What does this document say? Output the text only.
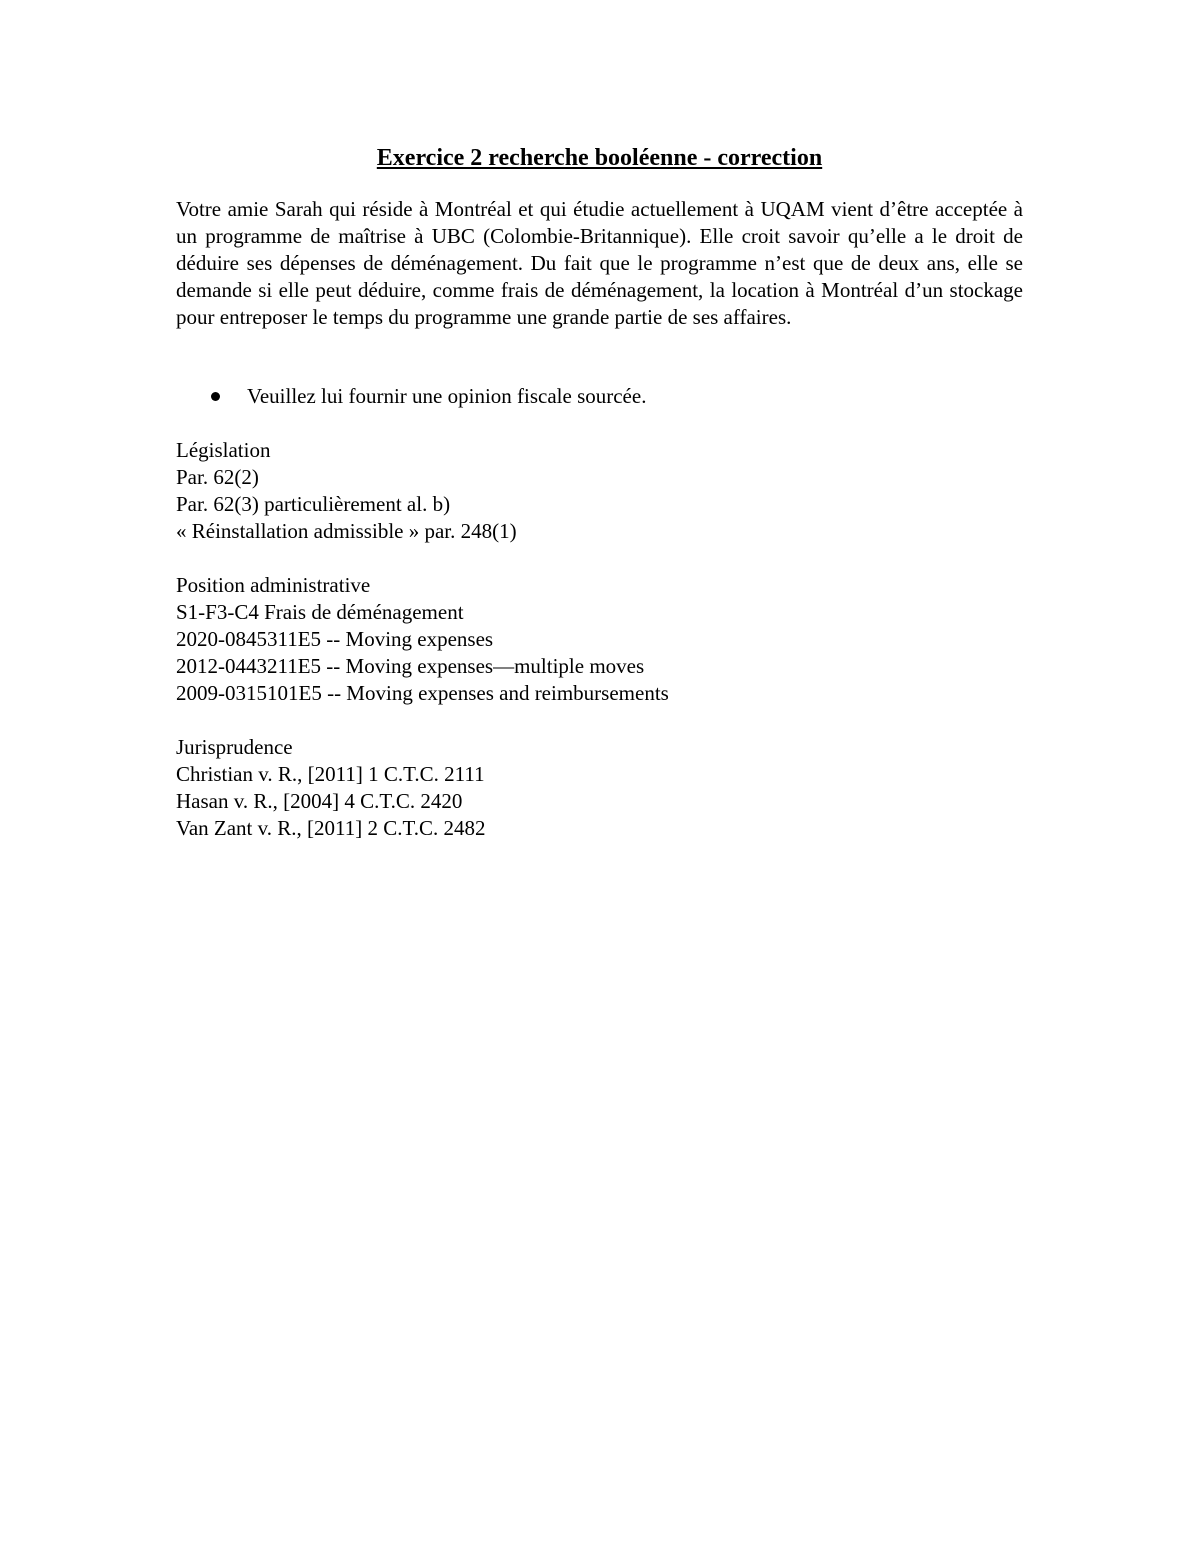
Exercice 2 recherche booléenne - correction

Votre amie Sarah qui réside à Montréal et qui étudie actuellement à UQAM vient d’être acceptée à un programme de maîtrise à UBC (Colombie-Britannique). Elle croit savoir qu’elle a le droit de déduire ses dépenses de déménagement. Du fait que le programme n’est que de deux ans, elle se demande si elle peut déduire, comme frais de déménagement, la location à Montréal d’un stockage pour entreposer le temps du programme une grande partie de ses affaires.

Veuillez lui fournir une opinion fiscale sourcée.
Législation
Par. 62(2)
Par. 62(3) particulièrement al. b)
« Réinstallation admissible » par. 248(1)
Position administrative
S1-F3-C4 Frais de déménagement
2020-0845311E5 -- Moving expenses
2012-0443211E5 -- Moving expenses—multiple moves
2009-0315101E5 -- Moving expenses and reimbursements
Jurisprudence
Christian v. R., [2011] 1 C.T.C. 2111
Hasan v. R., [2004] 4 C.T.C. 2420
Van Zant v. R., [2011] 2 C.T.C. 2482
